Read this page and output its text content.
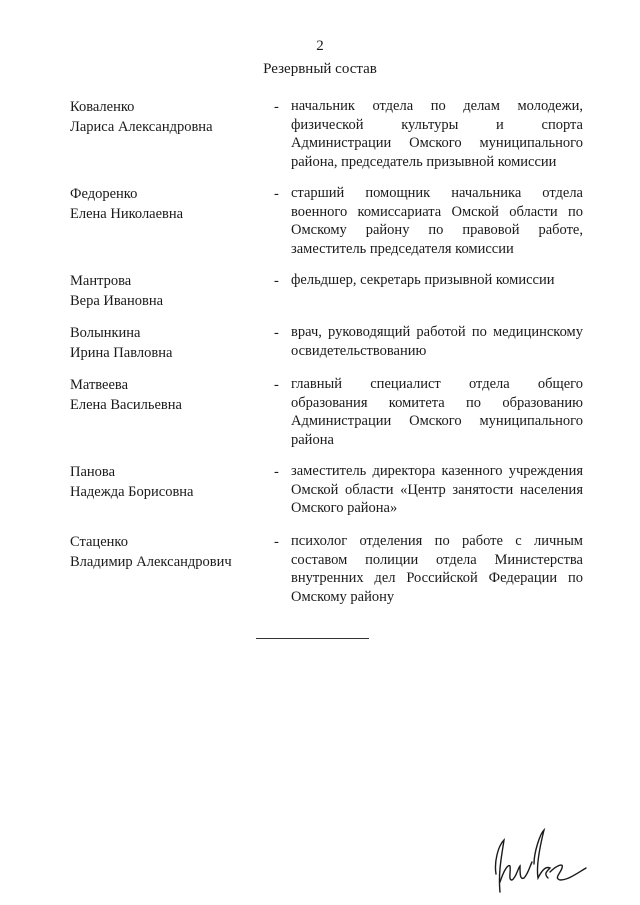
2
Резервный состав
Коваленко
Лариса Александровна
- начальник отдела по делам молодежи, физической культуры и спорта Администрации Омского муниципального района, председатель призывной комиссии
Федоренко
Елена Николаевна
- старший помощник начальника отдела военного комиссариата Омской области по Омскому району по правовой работе, заместитель председателя комиссии
Мантрова
Вера Ивановна
- фельдшер, секретарь призывной комиссии
Волынкина
Ирина Павловна
- врач, руководящий работой по медицинскому освидетельствованию
Матвеева
Елена Васильевна
- главный специалист отдела общего образования комитета по образованию Администрации Омского муниципального района
Панова
Надежда Борисовна
- заместитель директора казенного учреждения Омской области «Центр занятости населения Омского района»
Стаценко
Владимир Александрович
- психолог отделения по работе с личным составом полиции отдела Министерства внутренних дел Российской Федерации по Омскому району
